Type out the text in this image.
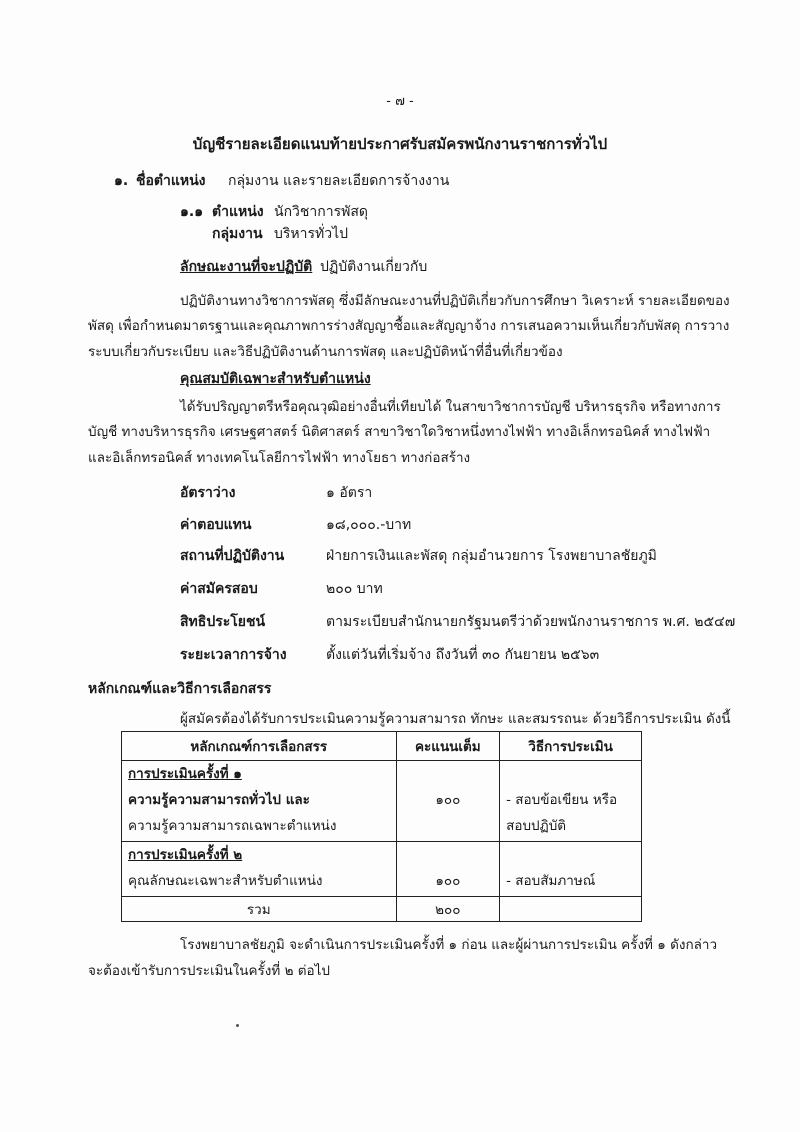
- ๗ -
บัญชีรายละเอียดแนบท้ายประกาศรับสมัครพนักงานราชการทั่วไป
๑. ชื่อตำแหน่ง กลุ่มงาน และรายละเอียดการจ้างงาน
๑.๑ ตำแหน่ง นักวิชาการพัสดุ
กลุ่มงาน บริหารทั่วไป
ลักษณะงานที่จะปฏิบัติ ปฏิบัติงานเกี่ยวกับ
ปฏิบัติงานทางวิชาการพัสดุ ซึ่งมีลักษณะงานที่ปฏิบัติเกี่ยวกับการศึกษา วิเคราะห์ รายละเอียดของ
พัสดุ เพื่อกำหนดมาตรฐานและคุณภาพการร่างสัญญาซื้อและสัญญาจ้าง การเสนอความเห็นเกี่ยวกับพัสดุ การวาง
ระบบเกี่ยวกับระเบียบ และวิธีปฏิบัติงานด้านการพัสดุ และปฏิบัติหน้าที่อื่นที่เกี่ยวข้อง
คุณสมบัติเฉพาะสำหรับตำแหน่ง
ได้รับปริญญาตรีหรือคุณวุฒิอย่างอื่นที่เทียบได้ ในสาขาวิชาการบัญชี บริหารธุรกิจ หรือทางการ
บัญชี ทางบริหารธุรกิจ เศรษฐศาสตร์ นิติศาสตร์ สาขาวิชาใดวิชาหนึ่งทางไฟฟ้า ทางอิเล็กทรอนิคส์ ทางไฟฟ้า
และอิเล็กทรอนิคส์ ทางเทคโนโลยีการไฟฟ้า ทางโยธา ทางก่อสร้าง
อัตราว่าง	๑ อัตรา
ค่าตอบแทน	๑๘,๐๐๐.-บาท
สถานที่ปฏิบัติงาน	ฝ่ายการเงินและพัสดุ กลุ่มอำนวยการ โรงพยาบาลชัยภูมิ
ค่าสมัครสอบ	๒๐๐ บาท
สิทธิประโยชน์	ตามระเบียบสำนักนายกรัฐมนตรีว่าด้วยพนักงานราชการ พ.ศ. ๒๕๔๗
ระยะเวลาการจ้าง	ตั้งแต่วันที่เริ่มจ้าง ถึงวันที่ ๓๐ กันยายน ๒๕๖๓
หลักเกณฑ์และวิธีการเลือกสรร
ผู้สมัครต้องได้รับการประเมินความรู้ความสามารถ ทักษะ และสมรรถนะ ด้วยวิธีการประเมิน ดังนี้
หลักเกณฑ์การเลือกสรร	คะแนนเต็ม	วิธีการประเมิน

การประเมินครั้งที่ ๑
ความรู้ความสามารถทั่วไป และ
ความรู้ความสามารถเฉพาะตำแหน่ง	๑๐๐	- สอบข้อเขียน หรือ
สอบปฏิบัติ

การประเมินครั้งที่ ๒
คุณลักษณะเฉพาะสำหรับตำแหน่ง	๑๐๐	- สอบสัมภาษณ์

รวม	๒๐๐	
โรงพยาบาลชัยภูมิ จะดำเนินการประเมินครั้งที่ ๑ ก่อน และผู้ผ่านการประเมิน ครั้งที่ ๑ ดังกล่าว
จะต้องเข้ารับการประเมินในครั้งที่ ๒ ต่อไป
